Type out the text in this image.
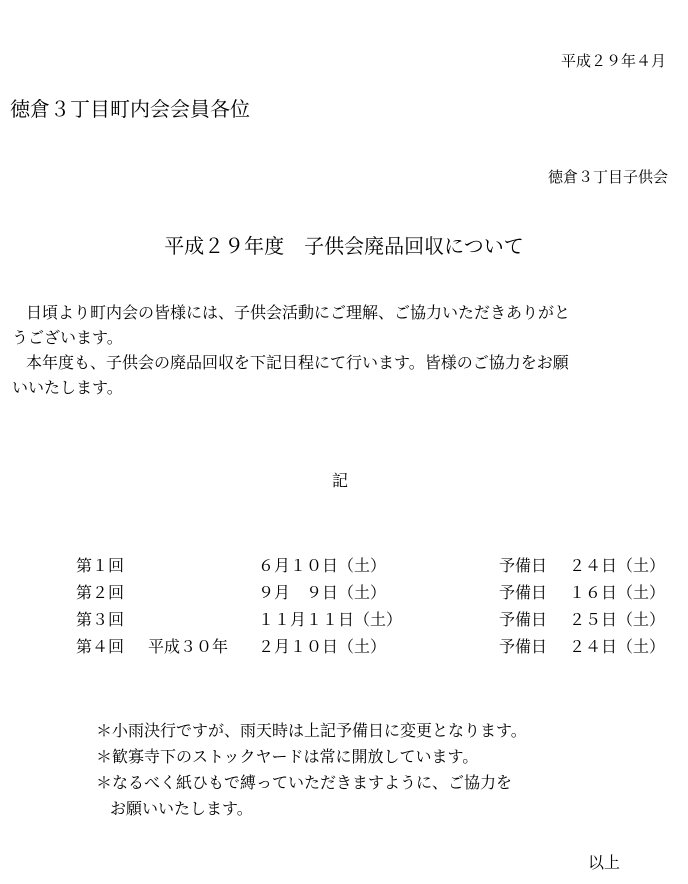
平成２９年４月
徳倉３丁目町内会会員各位
徳倉３丁目子供会
平成２９年度　子供会廃品回収について

日頃より町内会の皆様には、子供会活動にご理解、ご協力いただきありがと

うございます。

本年度も、子供会の廃品回収を下記日程にて行います。皆様のご協力をお願

いいたします。

記
第１回		６月１０日（土）		予備日	２４日（土）
第２回		９月　９日（土）		予備日	１６日（土）
第３回		１１月１１日（土）		予備日	２５日（土）
第４回	平成３０年	２月１０日（土）		予備日	２４日（土）
＊小雨決行ですが、雨天時は上記予備日に変更となります。
＊歓寡寺下のストックヤードは常に開放しています。
＊なるべく紙ひもで縛っていただきますように、ご協力を
お願いいたします。
以上
